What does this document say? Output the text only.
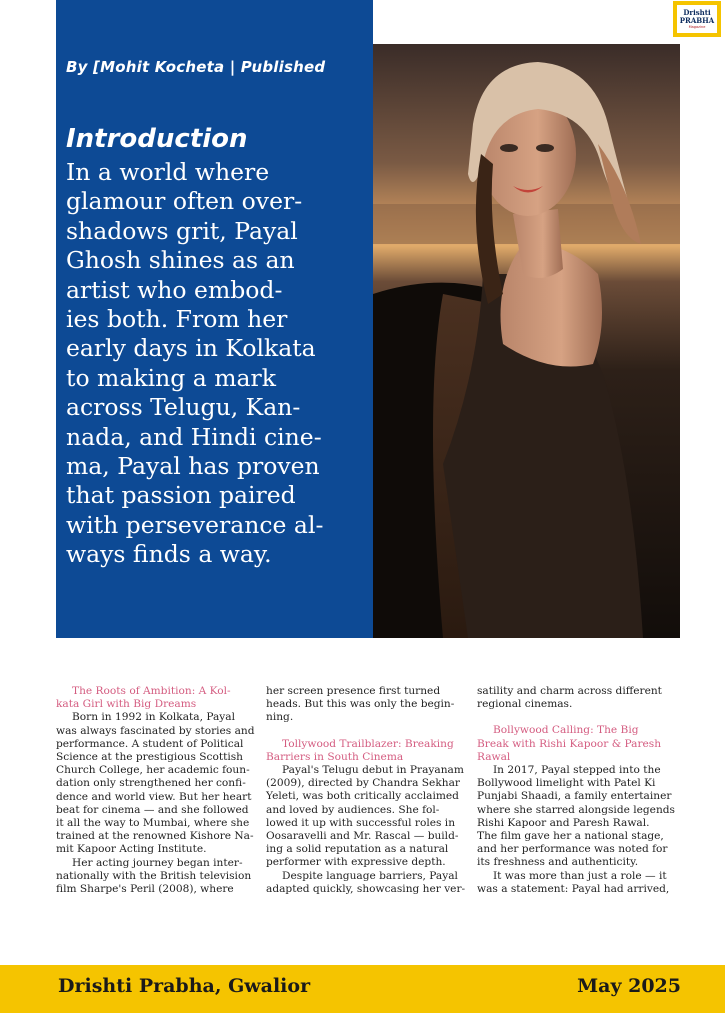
Drishti
PRABHA
Magazine
By [Mohit Kocheta | Published
Introduction
In a world where
glamour often over-
shadows grit, Payal
Ghosh shines as an
artist who embod-
ies both. From her
early days in Kolkata
to making a mark
across Telugu, Kan-
nada, and Hindi cine-
ma, Payal has proven
that passion paired
with perseverance al-
ways finds a way.
The Roots of Ambition: A Kol-
kata Girl with Big Dreams
Born in 1992 in Kolkata, Payal
was always fascinated by stories and
performance. A student of Political
Science at the prestigious Scottish
Church College, her academic foun-
dation only strengthened her confi-
dence and world view. But her heart
beat for cinema — and she followed
it all the way to Mumbai, where she
trained at the renowned Kishore Na-
mit Kapoor Acting Institute.
Her acting journey began inter-
nationally with the British television
film Sharpe's Peril (2008), where
her screen presence first turned
heads. But this was only the begin-
ning.
Tollywood Trailblazer: Breaking
Barriers in South Cinema
Payal's Telugu debut in Prayanam
(2009), directed by Chandra Sekhar
Yeleti, was both critically acclaimed
and loved by audiences. She fol-
lowed it up with successful roles in
Oosaravelli and Mr. Rascal — build-
ing a solid reputation as a natural
performer with expressive depth.
Despite language barriers, Payal
adapted quickly, showcasing her ver-
satility and charm across different
regional cinemas.
Bollywood Calling: The Big
Break with Rishi Kapoor & Paresh
Rawal
In 2017, Payal stepped into the
Bollywood limelight with Patel Ki
Punjabi Shaadi, a family entertainer
where she starred alongside legends
Rishi Kapoor and Paresh Rawal.
The film gave her a national stage,
and her performance was noted for
its freshness and authenticity.
It was more than just a role — it
was a statement: Payal had arrived,
Drishti Prabha, Gwalior	May 2025
